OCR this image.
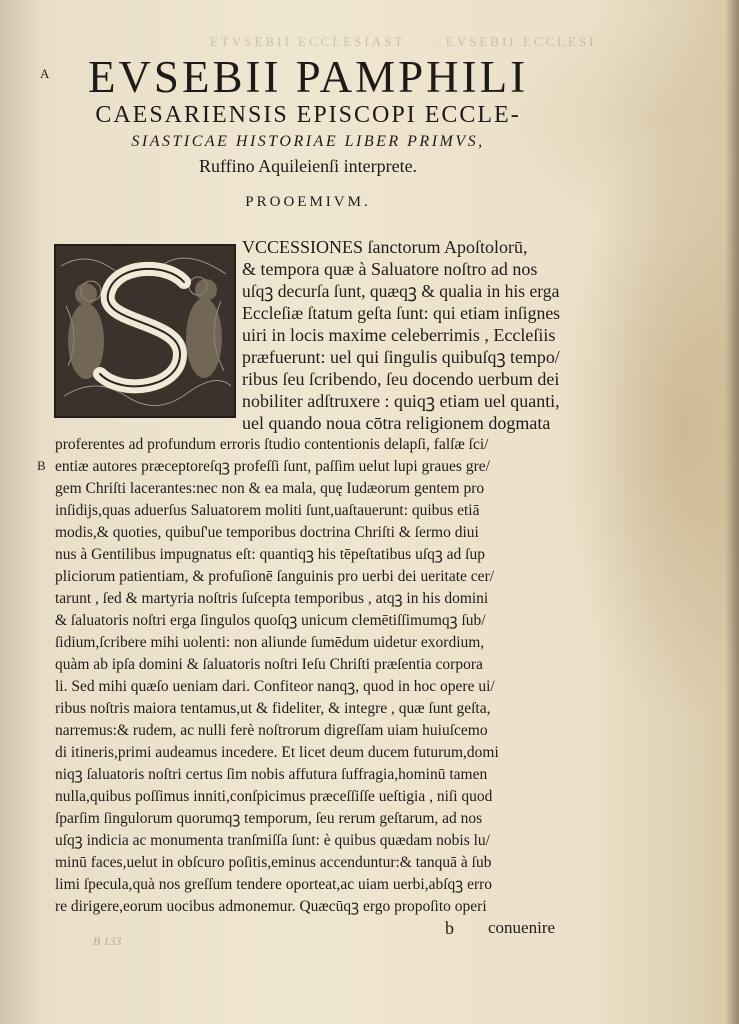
ETVSEBII ECCLESIAST · ·· EVSEBII ECCLESI
A
B
EVSEBII PAMPHILI
CAESARIENSIS EPISCOPI ECCLE-
SIASTICAE HISTORIAE LIBER PRIMVS,
Ruffino Aquileienſi interprete.
PROOEMIVM.
VCCESSIONES ſanctorum Apoſtolorū,
& tempora quæ à Saluatore noſtro ad nos
uſqꝫ decurſa ſunt, quæqꝫ & qualia in his erga
Eccleſiæ ſtatum geſta ſunt: qui etiam inſignes
uiri in locis maxime celeberrimis , Eccleſiis
præfuerunt: uel qui ſingulis quibuſqꝫ tempo/
ribus ſeu ſcribendo, ſeu docendo uerbum dei
nobiliter adſtruxere : quiqꝫ etiam uel quanti,
uel quando noua cōtra religionem dogmata
proferentes ad profundum erroris ſtudio contentionis delapſi, falſæ ſci/
entiæ autores præceptoreſqꝫ profeſſi ſunt, paſſim uelut lupi graues gre/
gem Chriſti lacerantes:nec non & ea mala, quę Iudæorum gentem pro
inſidijs,quas aduerſus Saluatorem moliti ſunt,uaſtauerunt: quibus etiā
modis,& quoties, quibuſ'ue temporibus doctrina Chriſti & ſermo diui
nus à Gentilibus impugnatus eſt: quantiqꝫ his tēpeſtatibus uſqꝫ ad ſup
pliciorum patientiam, & profuſionē ſanguinis pro uerbi dei ueritate cer/
tarunt , ſed & martyria noſtris ſuſcepta temporibus , atqꝫ in his domini
& ſaluatoris noſtri erga ſingulos quoſqꝫ unicum clemētiſſimumqꝫ ſub/
ſidium,ſcribere mihi uolenti: non aliunde ſumēdum uidetur exordium,
quàm ab ipſa domini & ſaluatoris noſtri Ieſu Chriſti præſentia corpora
li. Sed mihi quæſo ueniam dari. Confiteor nanqꝫ, quod in hoc opere ui/
ribus noſtris maiora tentamus,ut & fideliter, & integre , quæ ſunt geſta,
narremus:& rudem, ac nulli ferè noſtrorum digreſſam uiam huiuſcemo
di itineris,primi audeamus incedere. Et licet deum ducem futurum,domi
niqꝫ ſaluatoris noſtri certus ſim nobis affutura ſuffragia,hominū tamen
nulla,quibus poſſimus inniti,conſpicimus præceſſiſſe ueſtigia , niſi quod
ſparſim ſingulorum quorumqꝫ temporum, ſeu rerum geſtarum, ad nos
uſqꝫ indicia ac monumenta tranſmiſſa ſunt: è quibus quædam nobis lu/
minū faces,uelut in obſcuro poſitis,eminus accenduntur:& tanquā à ſub
limi ſpecula,quà nos greſſum tendere oporteat,ac uiam uerbi,abſqꝫ erro
re dirigere,eorum uocibus admonemur. Quæcūqꝫ ergo propoſito operi
b conuenire
B 133
